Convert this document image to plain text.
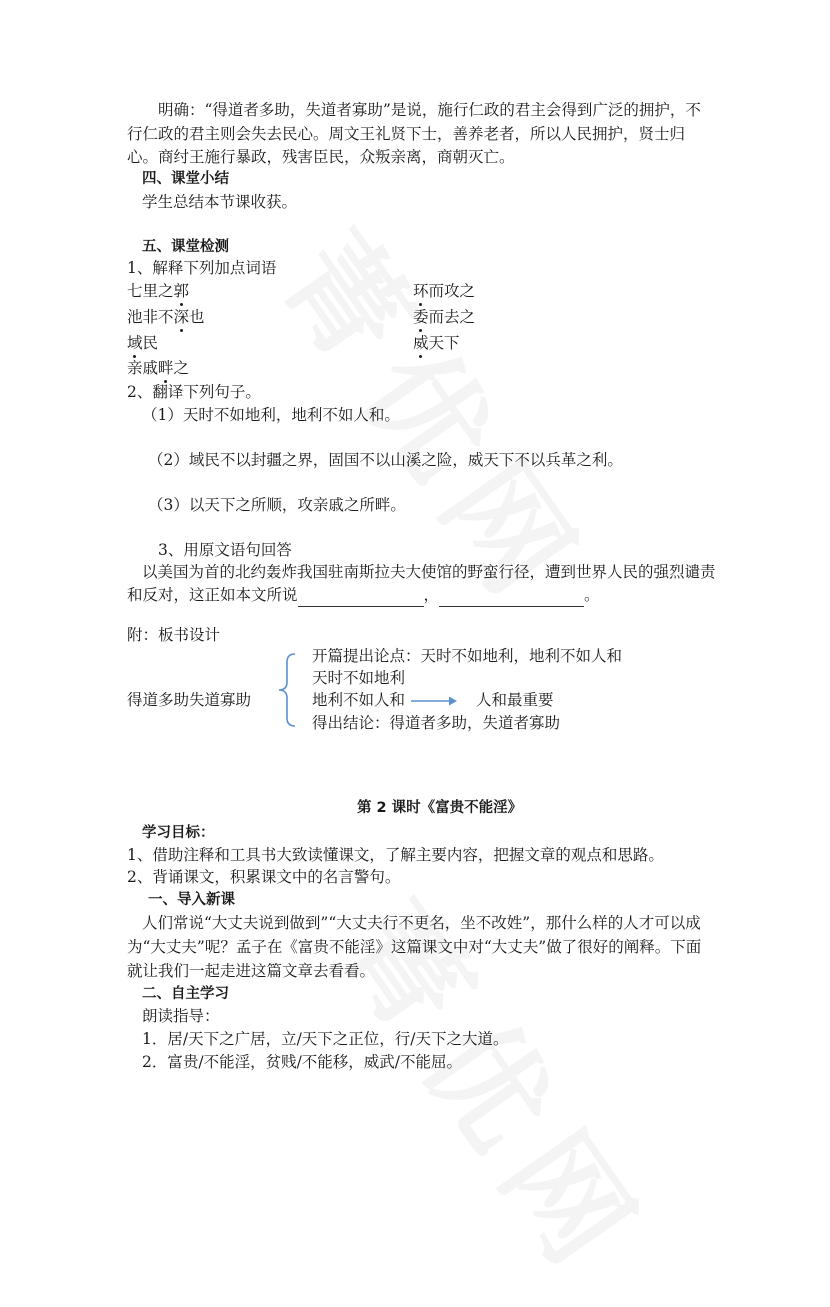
明确：“得道者多助，失道者寡助”是说，施行仁政的君主会得到广泛的拥护，不行仁政的君主则会失去民心。周文王礼贤下士，善养老者，所以人民拥护，贤士归心。商纣王施行暴政，残害臣民，众叛亲离，商朝灭亡。
四、课堂小结
学生总结本节课收获。
五、课堂检测
1、解释下列加点词语
七里之郭	环而攻之
池非不深也	委而去之
域民	威天下
亲戚畔之
2、翻译下列句子。
（1）天时不如地利，地利不如人和。
（2）域民不以封疆之界，固国不以山溪之险，威天下不以兵革之利。
（3）以天下之所顺，攻亲戚之所畔。
3、用原文语句回答
以美国为首的北约轰炸我国驻南斯拉夫大使馆的野蛮行径，遭到世界人民的强烈谴责
和反对，这正如本文所说	，	。
附：板书设计
得道多助失道寡助
开篇提出论点：天时不如地利，地利不如人和
天时不如地利
地利不如人和	人和最重要
得出结论：得道者多助，失道者寡助
第 2 课时《富贵不能淫》
学习目标：
1、借助注释和工具书大致读懂课文，了解主要内容，把握文章的观点和思路。
2、背诵课文，积累课文中的名言警句。
一、导入新课
人们常说“大丈夫说到做到”“大丈夫行不更名，坐不改姓”，那什么样的人才可以成为“大丈夫”呢？孟子在《富贵不能淫》这篇课文中对“大丈夫”做了很好的阐释。下面就让我们一起走进这篇文章去看看。
二、自主学习
朗读指导：
1．居/天下之广居，立/天下之正位，行/天下之大道。
2．富贵/不能淫，贫贱/不能移，威武/不能屈。
